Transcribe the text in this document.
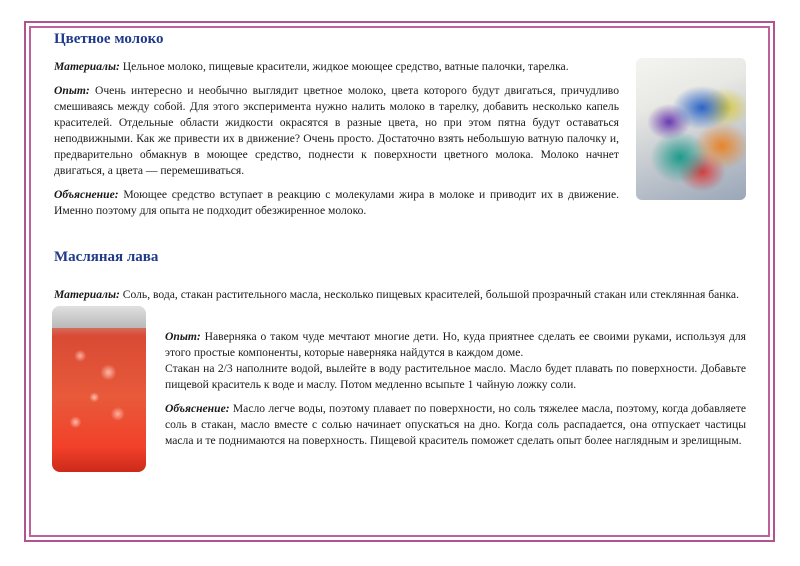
Цветное молоко

Материалы: Цельное молоко, пищевые красители, жидкое моющее средство, ватные палочки, тарелка.

Опыт: Очень интересно и необычно выглядит цветное молоко, цвета которого будут двигаться, причудливо смешиваясь между собой. Для этого эксперимента нужно налить молоко в тарелку, добавить несколько капель красителей. Отдельные области жидкости окрасятся в разные цвета, но при этом пятна будут оставаться неподвижными. Как же привести их в движение? Очень просто. Достаточно взять небольшую ватную палочку и, предварительно обмакнув в моющее средство, поднести к поверхности цветного молока. Молоко начнет двигаться, а цвета — перемешиваться.

Объяснение: Моющее средство вступает в реакцию с молекулами жира в молоке и приводит их в движение. Именно поэтому для опыта не подходит обезжиренное молоко.

Масляная лава

Материалы: Соль, вода, стакан растительного масла, несколько пищевых красителей, большой прозрачный стакан или стеклянная банка.

Опыт: Наверняка о таком чуде мечтают многие дети. Но, куда приятнее сделать ее своими руками, используя для этого простые компоненты, которые наверняка найдутся в каждом доме.

Стакан на 2/3 наполните водой, вылейте в воду растительное масло. Масло будет плавать по поверхности. Добавьте пищевой краситель к воде и маслу. Потом медленно всыпьте 1 чайную ложку соли.

Объяснение: Масло легче воды, поэтому плавает по поверхности, но соль тяжелее масла, поэтому, когда добавляете соль в стакан, масло вместе с солью начинает опускаться на дно. Когда соль распадается, она отпускает частицы масла и те поднимаются на поверхность. Пищевой краситель поможет сделать опыт более наглядным и зрелищным.
